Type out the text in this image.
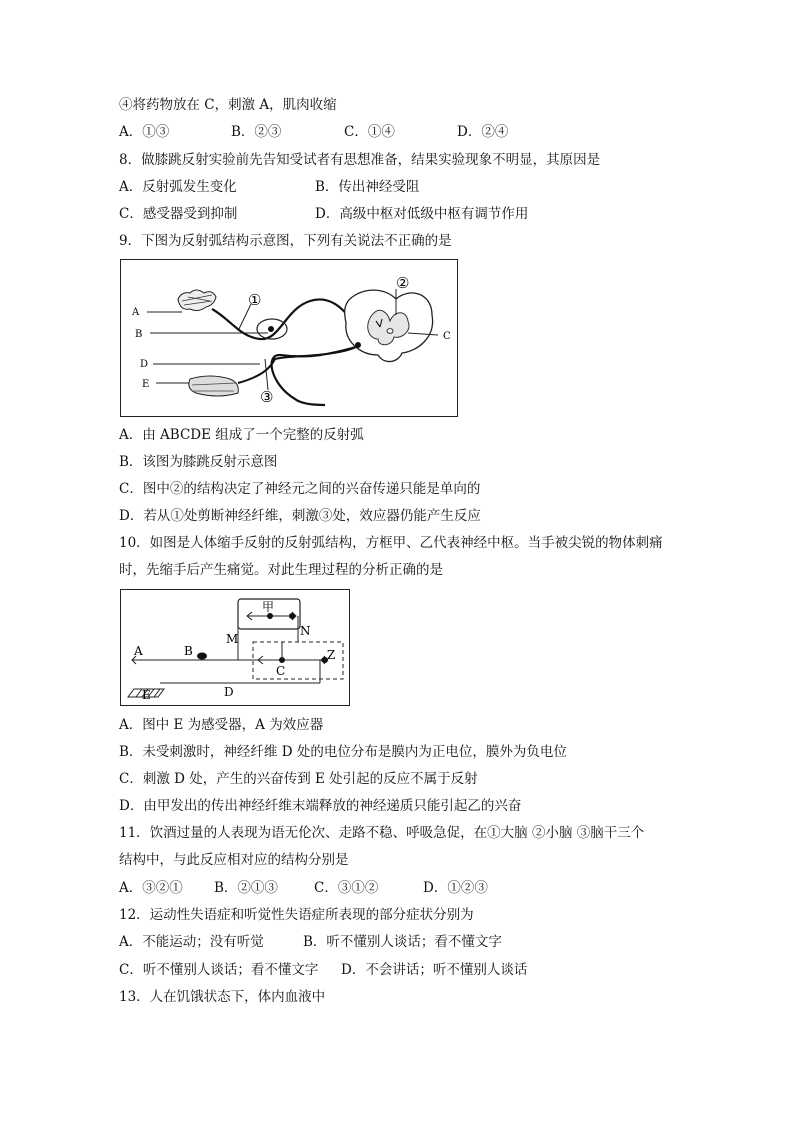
④将药物放在 C，刺激 A，肌肉收缩
A．①③	B．②③	C．①④	D．②④
8．做膝跳反射实验前先告知受试者有思想准备，结果实验现象不明显，其原因是
A．反射弧发生变化	B．传出神经受阻
C．感受器受到抑制	D．高级中枢对低级中枢有调节作用
9．下图为反射弧结构示意图，下列有关说法不正确的是
A
B
D
E
C
①
②
③
A．由 ABCDE 组成了一个完整的反射弧
B．该图为膝跳反射示意图
C．图中②的结构决定了神经元之间的兴奋传递只能是单向的
D．若从①处剪断神经纤维，刺激③处，效应器仍能产生反应
10．如图是人体缩手反射的反射弧结构，方框甲、乙代表神经中枢。当手被尖锐的物体刺痛
时，先缩手后产生痛觉。对此生理过程的分析正确的是
甲
Z
A	B
C
D
E
M
N
A．图中 E 为感受器，A 为效应器
B．未受刺激时，神经纤维 D 处的电位分布是膜内为正电位，膜外为负电位
C．刺激 D 处，产生的兴奋传到 E 处引起的反应不属于反射
D．由甲发出的传出神经纤维末端释放的神经递质只能引起乙的兴奋
11．饮酒过量的人表现为语无伦次、走路不稳、呼吸急促，在①大脑 ②小脑 ③脑干三个
结构中，与此反应相对应的结构分别是
A．③②① B．②①③	C．③①②	D．①②③
12．运动性失语症和听觉性失语症所表现的部分症状分别为
A．不能运动；没有听觉	B．听不懂别人谈话；看不懂文字
C．听不懂别人谈话；看不懂文字 D．不会讲话；听不懂别人谈话
13．人在饥饿状态下，体内血液中
